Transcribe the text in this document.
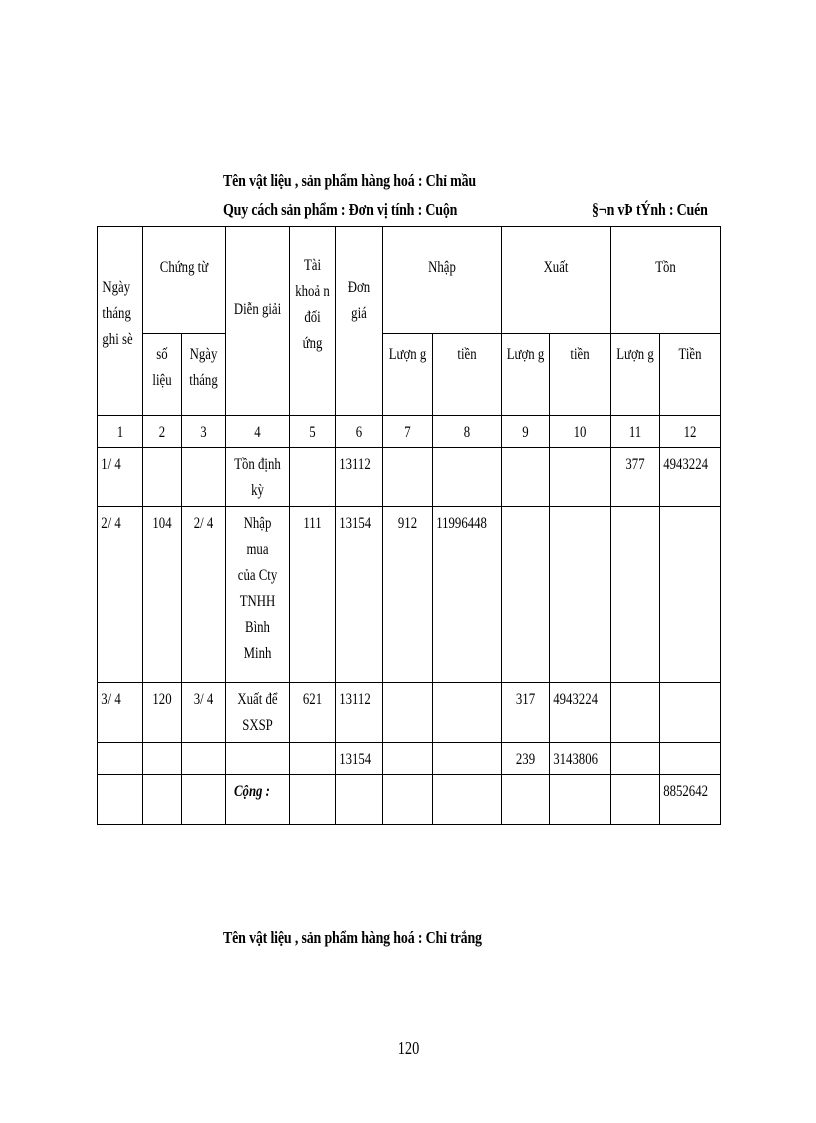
Tên vật liệu , sản phẩm hàng hoá : Chỉ mầu
Quy cách sản phẩm : Đơn vị tính : Cuộn	§¬n vÞ tÝnh : Cuén
Ngày tháng ghi sè	Chứng từ		Diễn giải	Tài khoả n đối ứng	Đơn giá	Nhập		Xuất		Tồn	

	số liệu	Ngày tháng				Lượn g	tiền	Lượn g	tiền	Lượn g	Tiền

1	2	3	4	5	6	7	8	9	10	11	12

1/ 4			Tồn định kỳ		13112					377	4943224

2/ 4	104	2/ 4	Nhập mua của Cty TNHH Bình Minh	111	13154	912	11996448				

3/ 4	120	3/ 4	Xuất để SXSP	621	13112			317	4943224		

					13154			239	3143806		

			Cộng :								8852642
Tên vật liệu , sản phẩm hàng hoá : Chỉ trắng
120
